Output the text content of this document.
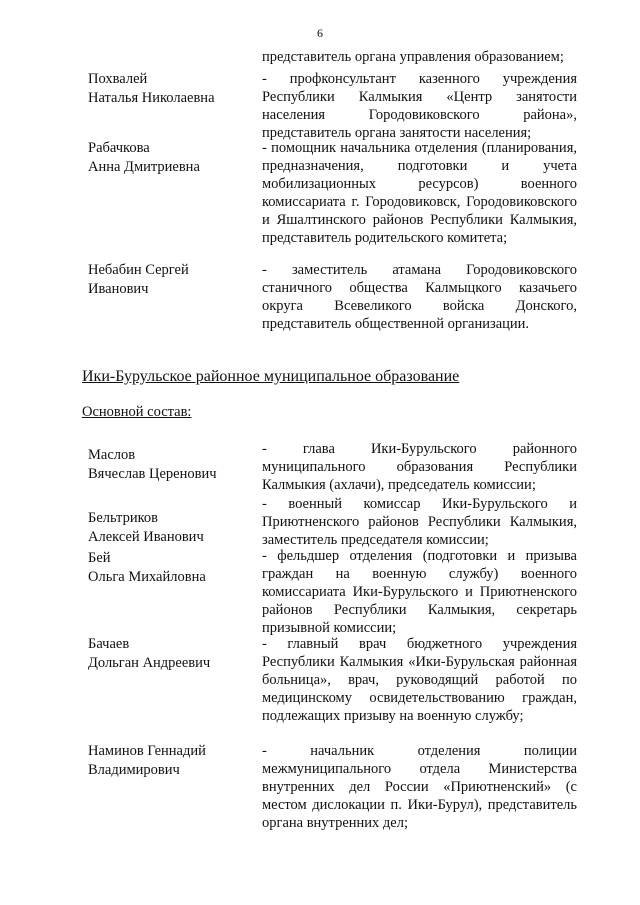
6
представитель органа управления образованием;
Похвалей
Наталья Николаевна
- профконсультант казенного учреждения Республики Калмыкия «Центр занятости населения Городовиковского района», представитель органа занятости населения;
Рабачкова
Анна Дмитриевна
- помощник начальника отделения (планирования, предназначения, подготовки и учета мобилизационных ресурсов) военного комиссариата г. Городовиковск, Городовиковского и Яшалтинского районов Республики Калмыкия, представитель родительского комитета;
Небабин Сергей
Иванович
- заместитель атамана Городовиковского станичного общества Калмыцкого казачьего округа Всевеликого войска Донского, представитель общественной организации.
Ики-Бурульское районное муниципальное образование
Основной состав:
Маслов
Вячеслав Церенович
- глава Ики-Бурульского районного муниципального образования Республики Калмыкия (ахлачи), председатель комиссии;
Бельтриков
Алексей Иванович
- военный комиссар Ики-Бурульского и Приютненского районов Республики Калмыкия, заместитель председателя комиссии;
Бей
Ольга Михайловна
- фельдшер отделения (подготовки и призыва граждан на военную службу) военного комиссариата Ики-Бурульского и Приютненского районов Республики Калмыкия, секретарь призывной комиссии;
Бачаев
Дольган Андреевич
- главный врач бюджетного учреждения Республики Калмыкия «Ики-Бурульская районная больница», врач, руководящий работой по медицинскому освидетельствованию граждан, подлежащих призыву на военную службу;
Наминов Геннадий
Владимирович
- начальник отделения полиции межмуниципального отдела Министерства внутренних дел России «Приютненский» (с местом дислокации п. Ики-Бурул), представитель органа внутренних дел;
